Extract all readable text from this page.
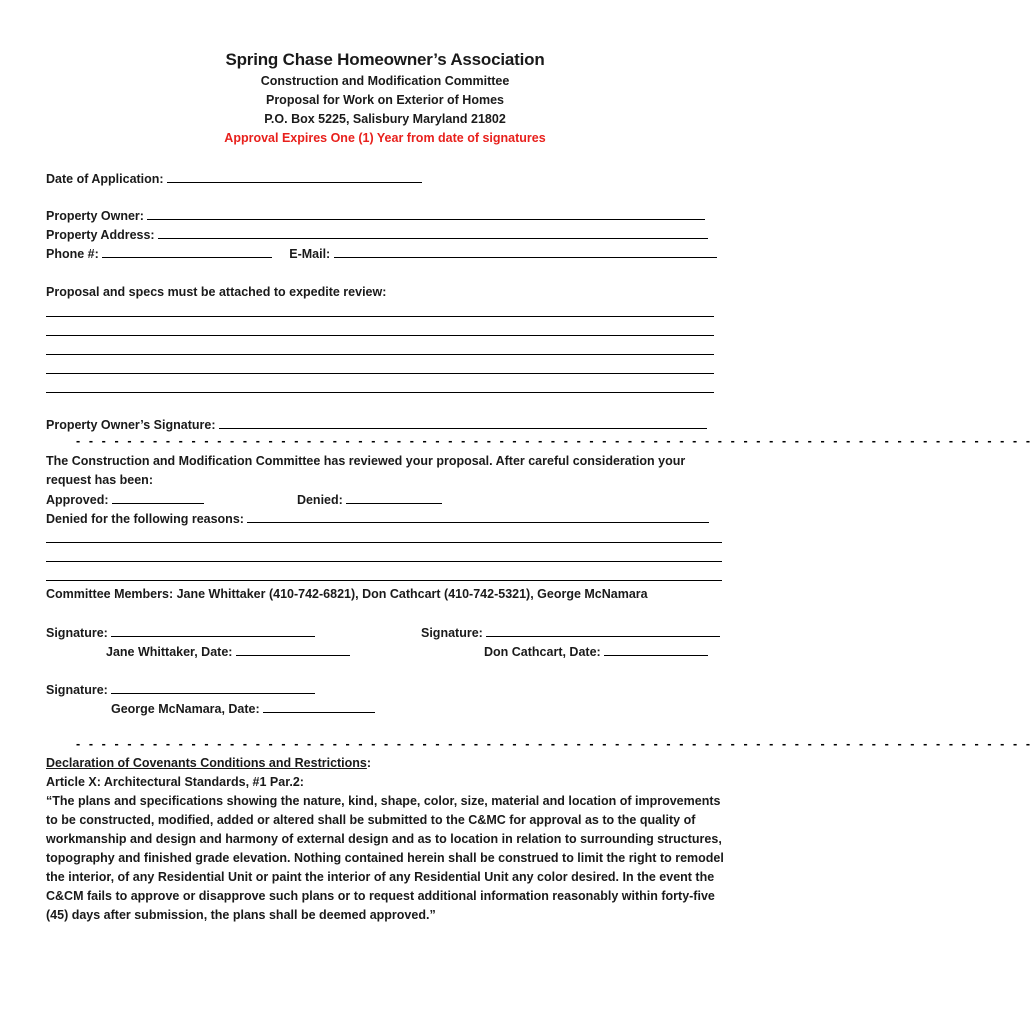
Spring Chase Homeowner’s Association
Construction and Modification Committee
Proposal for Work on Exterior of Homes
P.O. Box 5225, Salisbury Maryland 21802
Approval Expires One (1) Year from date of signatures
Date of Application:
Property Owner:
Property Address:
Phone #:	E-Mail:
Proposal and specs must be attached to expedite review:
Property Owner’s Signature:
- - - - - - - - - - - - - - - - - - - - - - - - - - - - - - - - - - - - - - - - - - - - - - - - - - - - - - - - - - - - - - - - - - - - - - - - - - -
The Construction and Modification Committee has reviewed your proposal. After careful consideration your request has been:
Approved:	Denied:
Denied for the following reasons:
Committee Members: Jane Whittaker (410-742-6821), Don Cathcart (410-742-5321), George McNamara
Signature:
Jane Whittaker, Date:
Signature:
Don Cathcart, Date:
Signature:
George McNamara, Date:
- - - - - - - - - - - - - - - - - - - - - - - - - - - - - - - - - - - - - - - - - - - - - - - - - - - - - - - - - - - - - - - - - - - - - - - - - - -
Declaration of Covenants Conditions and Restrictions:
Article X: Architectural Standards, #1 Par.2:
“The plans and specifications showing the nature, kind, shape, color, size, material and location of improvements to be constructed, modified, added or altered shall be submitted to the C&MC for approval as to the quality of workmanship and design and harmony of external design and as to location in relation to surrounding structures, topography and finished grade elevation. Nothing contained herein shall be construed to limit the right to remodel the interior, of any Residential Unit or paint the interior of any Residential Unit any color desired. In the event the C&CM fails to approve or disapprove such plans or to request additional information reasonably within forty-five (45) days after submission, the plans shall be deemed approved.”
